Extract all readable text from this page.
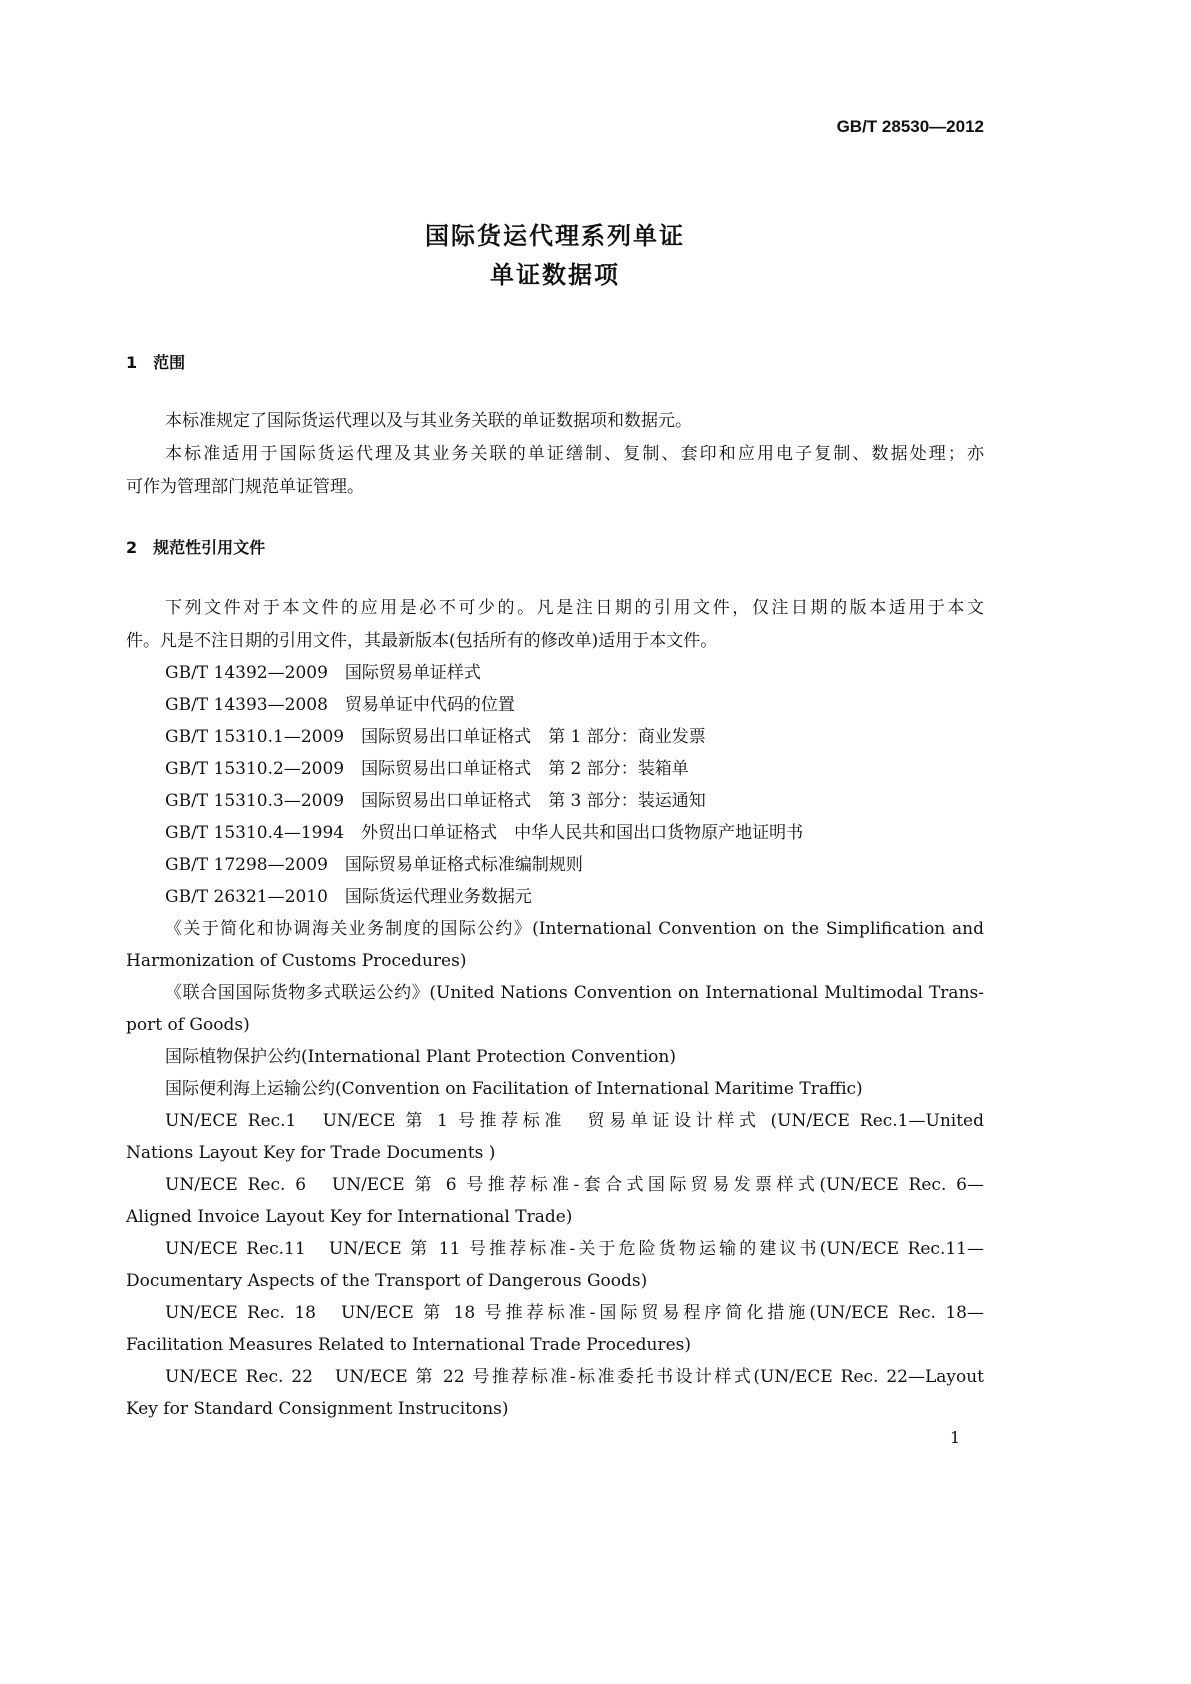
GB/T 28530—2012
国际货运代理系列单证
单证数据项
1　范围
本标准规定了国际货运代理以及与其业务关联的单证数据项和数据元。
本标准适用于国际货运代理及其业务关联的单证缮制、复制、套印和应用电子复制、数据处理；亦
可作为管理部门规范单证管理。
2　规范性引用文件
下列文件对于本文件的应用是必不可少的。凡是注日期的引用文件，仅注日期的版本适用于本文
件。凡是不注日期的引用文件，其最新版本(包括所有的修改单)适用于本文件。
GB/T 14392—2009　国际贸易单证样式
GB/T 14393—2008　贸易单证中代码的位置
GB/T 15310.1—2009　国际贸易出口单证格式　第 1 部分：商业发票
GB/T 15310.2—2009　国际贸易出口单证格式　第 2 部分：装箱单
GB/T 15310.3—2009　国际贸易出口单证格式　第 3 部分：装运通知
GB/T 15310.4—1994　外贸出口单证格式　中华人民共和国出口货物原产地证明书
GB/T 17298—2009　国际贸易单证格式标准编制规则
GB/T 26321—2010　国际货运代理业务数据元
《关于简化和协调海关业务制度的国际公约》(International Convention on the Simplification and
Harmonization of Customs Procedures)
《联合国国际货物多式联运公约》(United Nations Convention on International Multimodal Trans-
port of Goods)
国际植物保护公约(International Plant Protection Convention)
国际便利海上运输公约(Convention on Facilitation of International Maritime Traffic)
UN/ECE Rec.1　UN/ECE 第 1 号推荐标准　贸易单证设计样式 (UN/ECE Rec.1—United
Nations Layout Key for Trade Documents )
UN/ECE Rec. 6　UN/ECE 第 6 号推荐标准-套合式国际贸易发票样式(UN/ECE Rec. 6—
Aligned Invoice Layout Key for International Trade)
UN/ECE Rec.11　UN/ECE 第 11 号推荐标准-关于危险货物运输的建议书(UN/ECE Rec.11—
Documentary Aspects of the Transport of Dangerous Goods)
UN/ECE Rec. 18　UN/ECE 第 18 号推荐标准-国际贸易程序简化措施(UN/ECE Rec. 18—
Facilitation Measures Related to International Trade Procedures)
UN/ECE Rec. 22　UN/ECE 第 22 号推荐标准-标准委托书设计样式(UN/ECE Rec. 22—Layout
Key for Standard Consignment Instrucitons)
1
